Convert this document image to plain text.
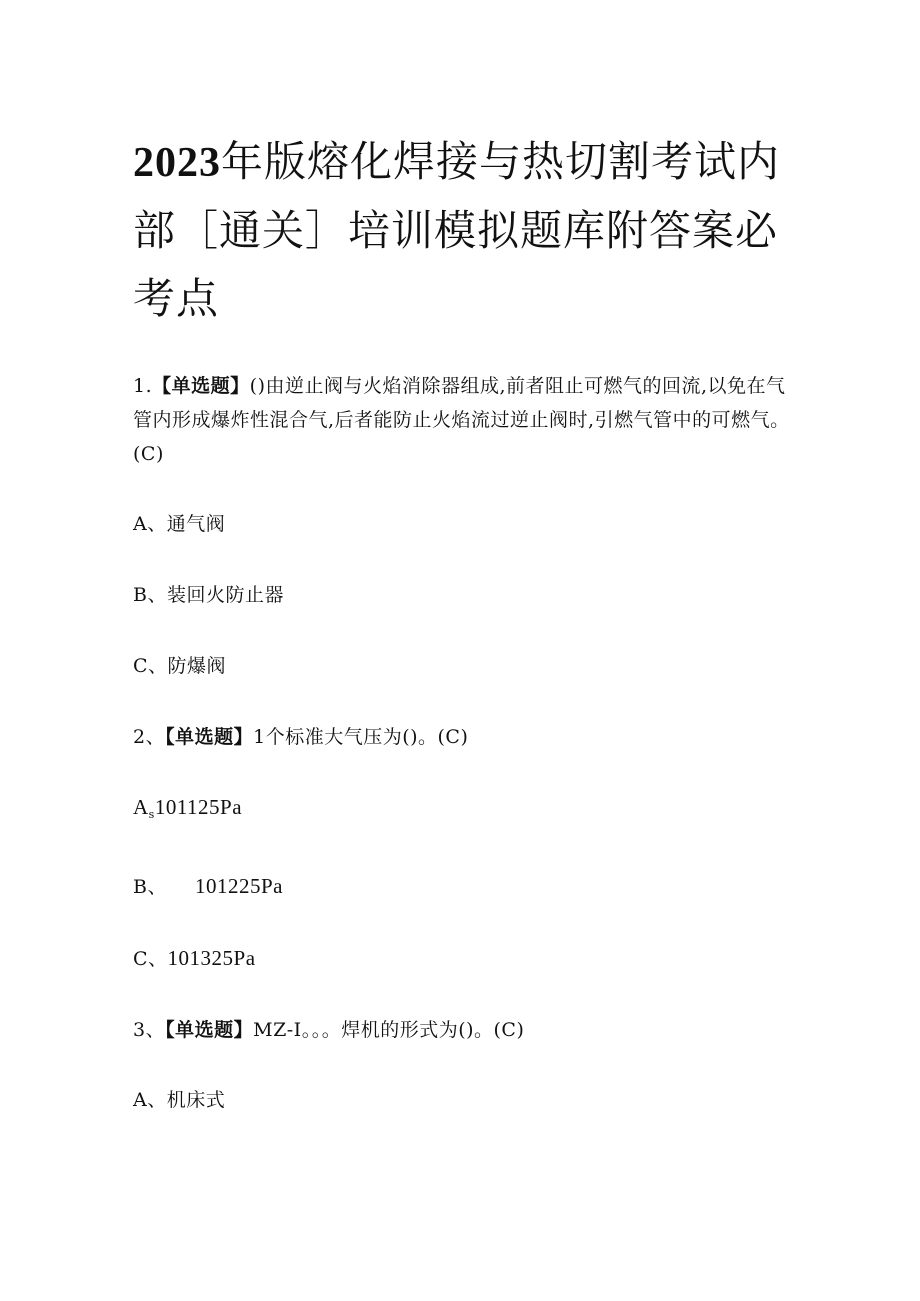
2023年版熔化焊接与热切割考试内部［通关］培训模拟题库附答案必考点

1.【单选题】()由逆止阀与火焰消除器组成,前者阻止可燃气的回流,以免在气管内形成爆炸性混合气,后者能防止火焰流过逆止阀时,引燃气管中的可燃气。(C)

A、通气阀

B、装回火防止器

C、防爆阀

2、【单选题】1个标准大气压为()。(C)

$A_s101125Pa$

B、 101225Pa

C、101325Pa

3、【单选题】MZ-I。。。焊机的形式为()。(C)

A、机床式
